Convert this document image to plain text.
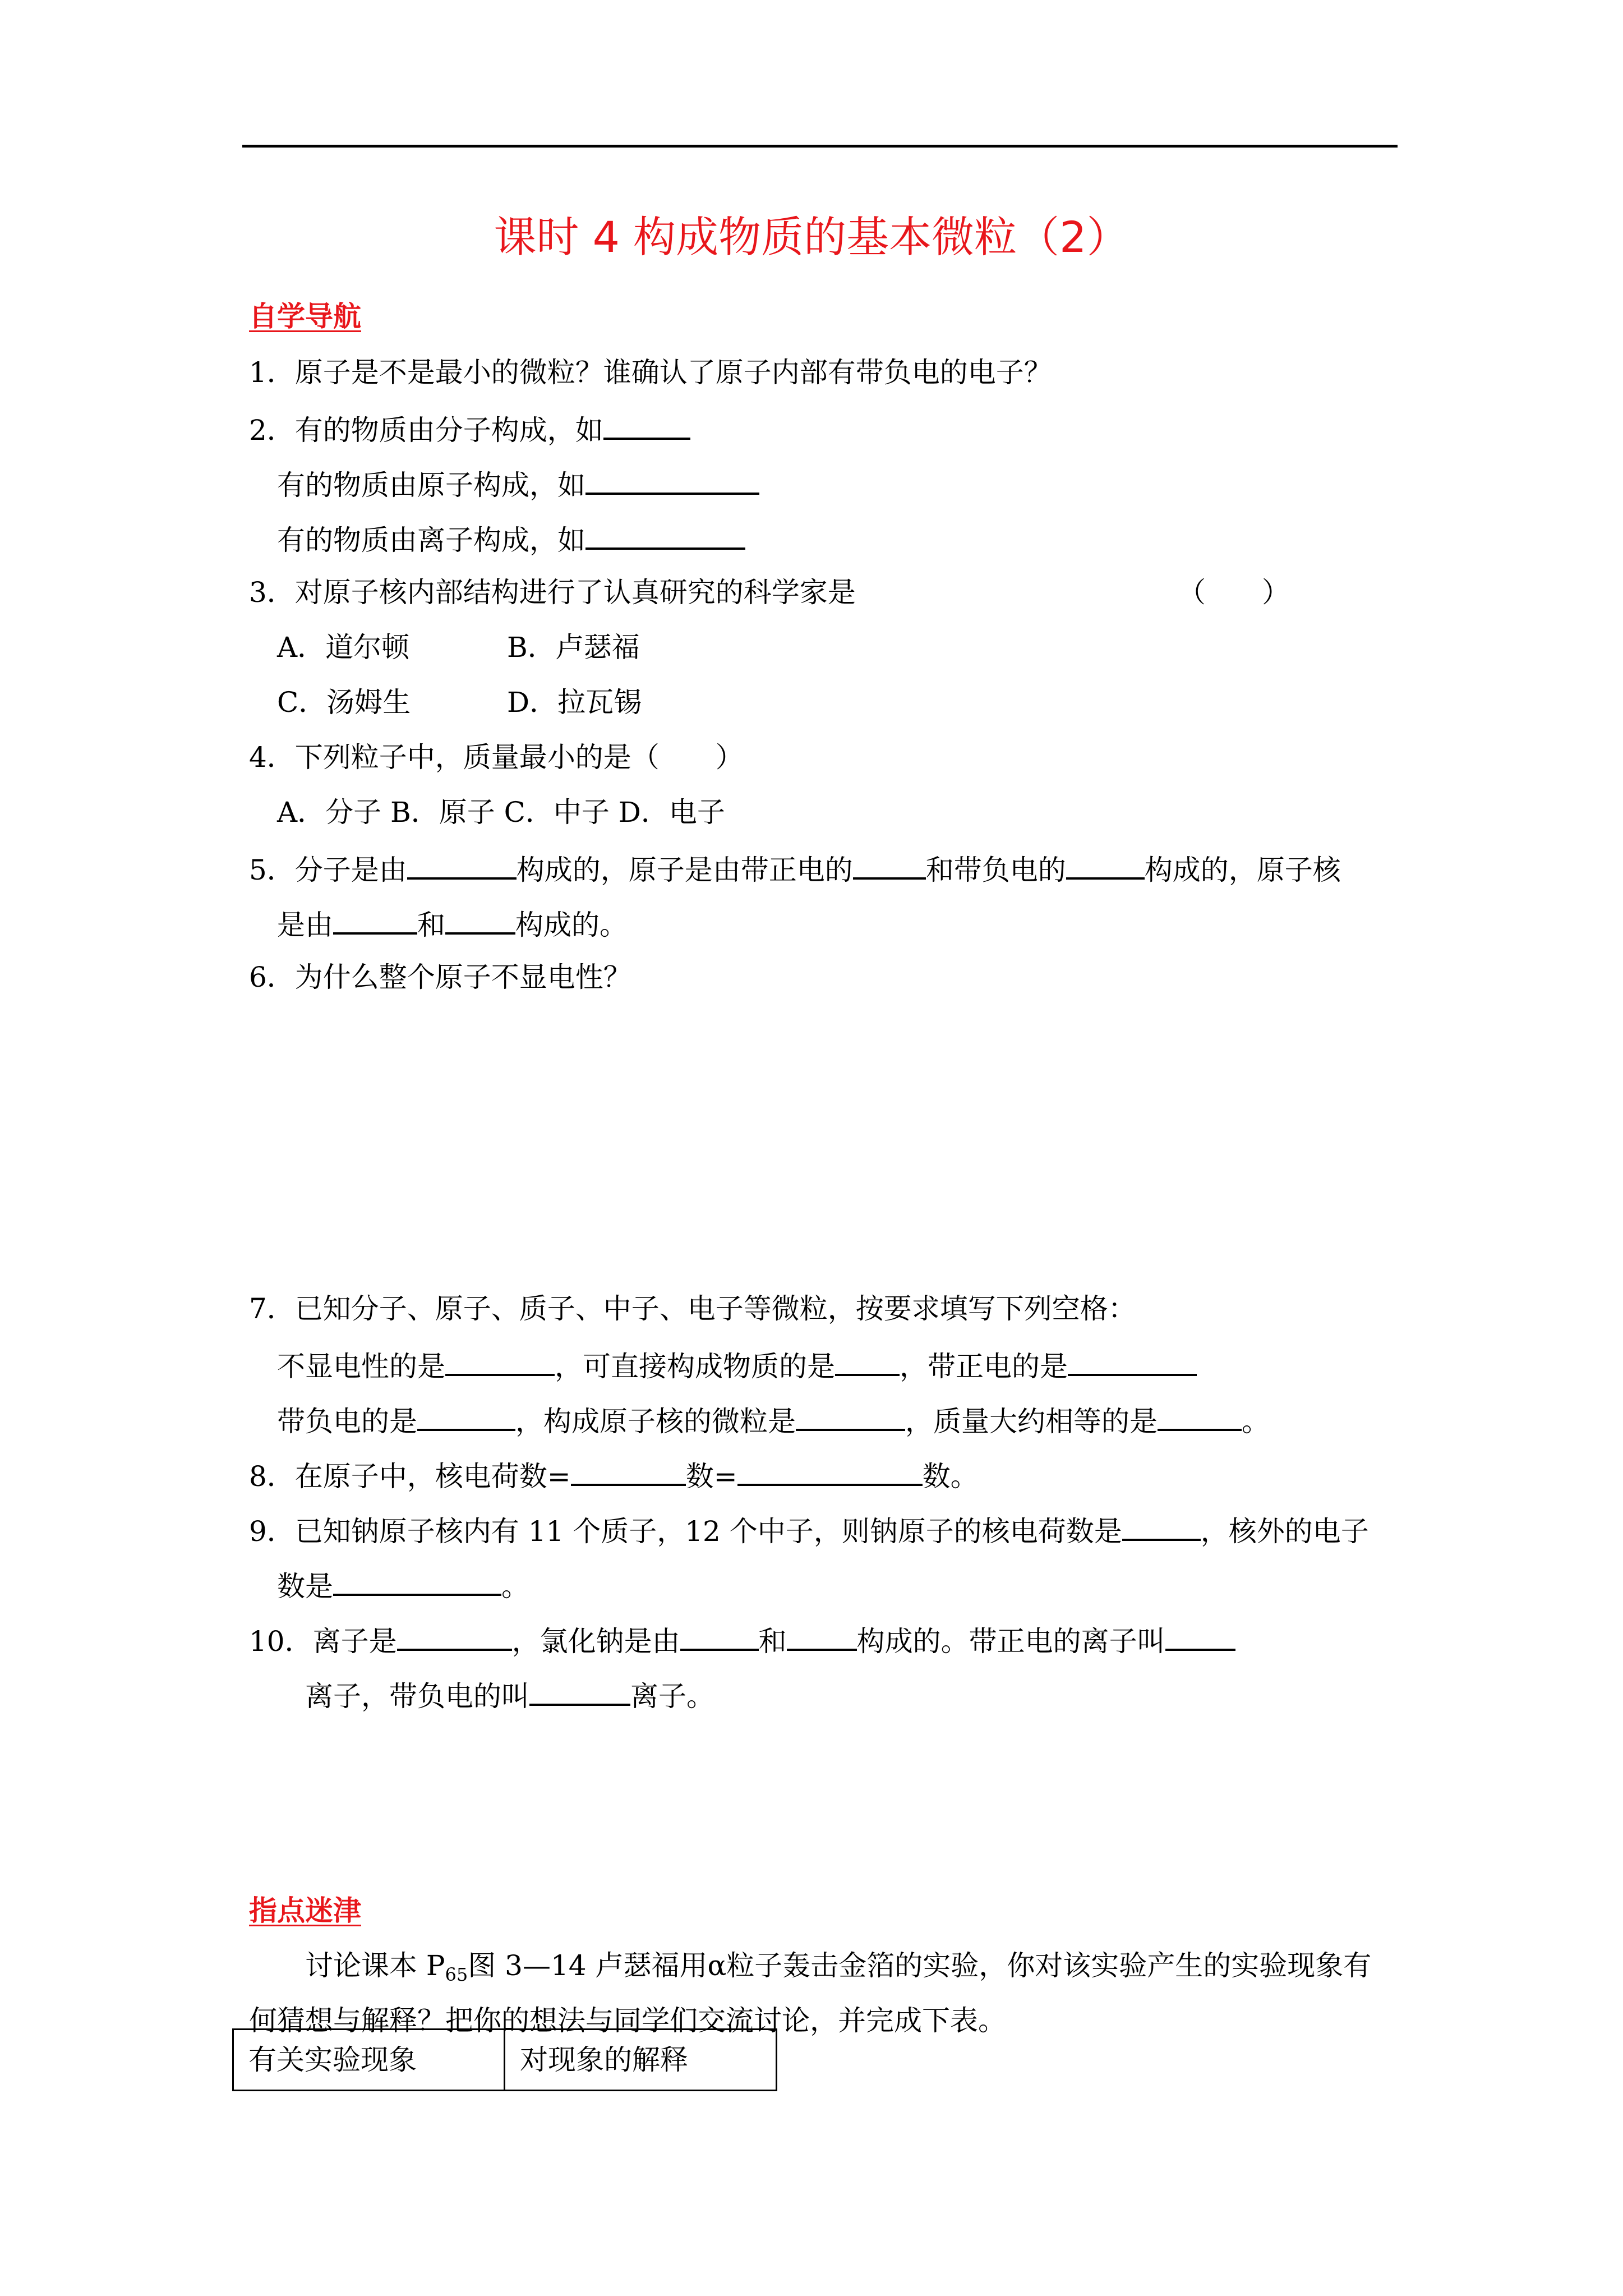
课时 4 构成物质的基本微粒（2）
自学导航
1．原子是不是最小的微粒？谁确认了原子内部有带负电的电子？
2．有的物质由分子构成，如
有的物质由原子构成，如
有的物质由离子构成，如
3．对原子核内部结构进行了认真研究的科学家是	（　　）
A．道尔顿	B．卢瑟福
C．汤姆生	D．拉瓦锡
4．下列粒子中，质量最小的是（　　）
A．分子 B．原子 C．中子 D．电子
5．分子是由	构成的，原子是由带正电的	和带负电的	构成的，原子核
是由	和	构成的。
6．为什么整个原子不显电性？
7．已知分子、原子、质子、中子、电子等微粒，按要求填写下列空格：
不显电性的是	，可直接构成物质的是 ，带正电的是
带负电的是	，构成原子核的微粒是	，质量大约相等的是	。
8．在原子中，核电荷数=	数=	数。
9．已知钠原子核内有 11 个质子，12 个中子，则钠原子的核电荷数是	，核外的电子
数是	。
10．离子是	，氯化钠是由	和	构成的。带正电的离子叫
离子，带负电的叫	离子。
指点迷津
讨论课本 $P_{65}$图 3—14 卢瑟福用α粒子轰击金箔的实验，你对该实验产生的实验现象有
何猜想与解释？把你的想法与同学们交流讨论，并完成下表。
有关实验现象	对现象的解释
